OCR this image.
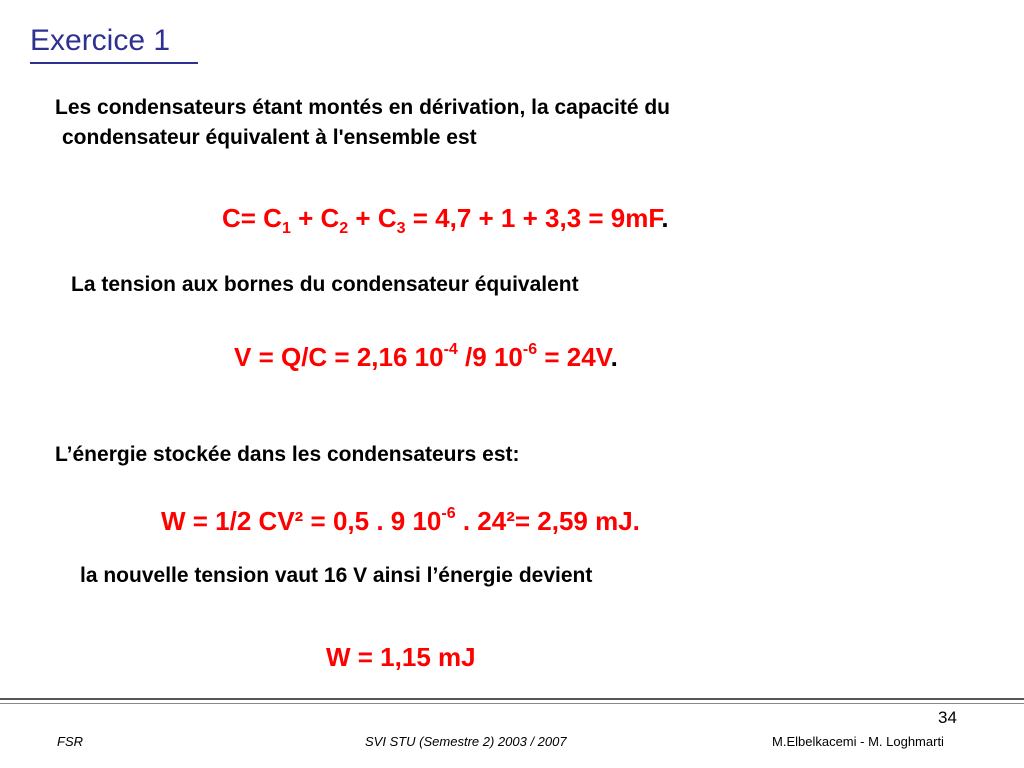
Exercice 1
Les condensateurs étant montés en dérivation, la capacité du
condensateur équivalent à l'ensemble est
$C= C_1 + C_2 + C_3 = 4,7 + 1 + 3,3 = 9mF$.
La tension aux bornes du condensateur équivalent
V = Q/C = 2,16 $10^{-4}$ /9 $10^{-6} = 24V$.
L’énergie stockée dans les condensateurs est:
W = 1/2 CV² = 0,5 . 9 $10^{-6}$ . 24²= 2,59 mJ.
la nouvelle tension vaut 16 V ainsi l’énergie devient
W = 1,15 mJ
34
FSR	SVI STU (Semestre 2) 2003 / 2007	M.Elbelkacemi - M. Loghmarti
